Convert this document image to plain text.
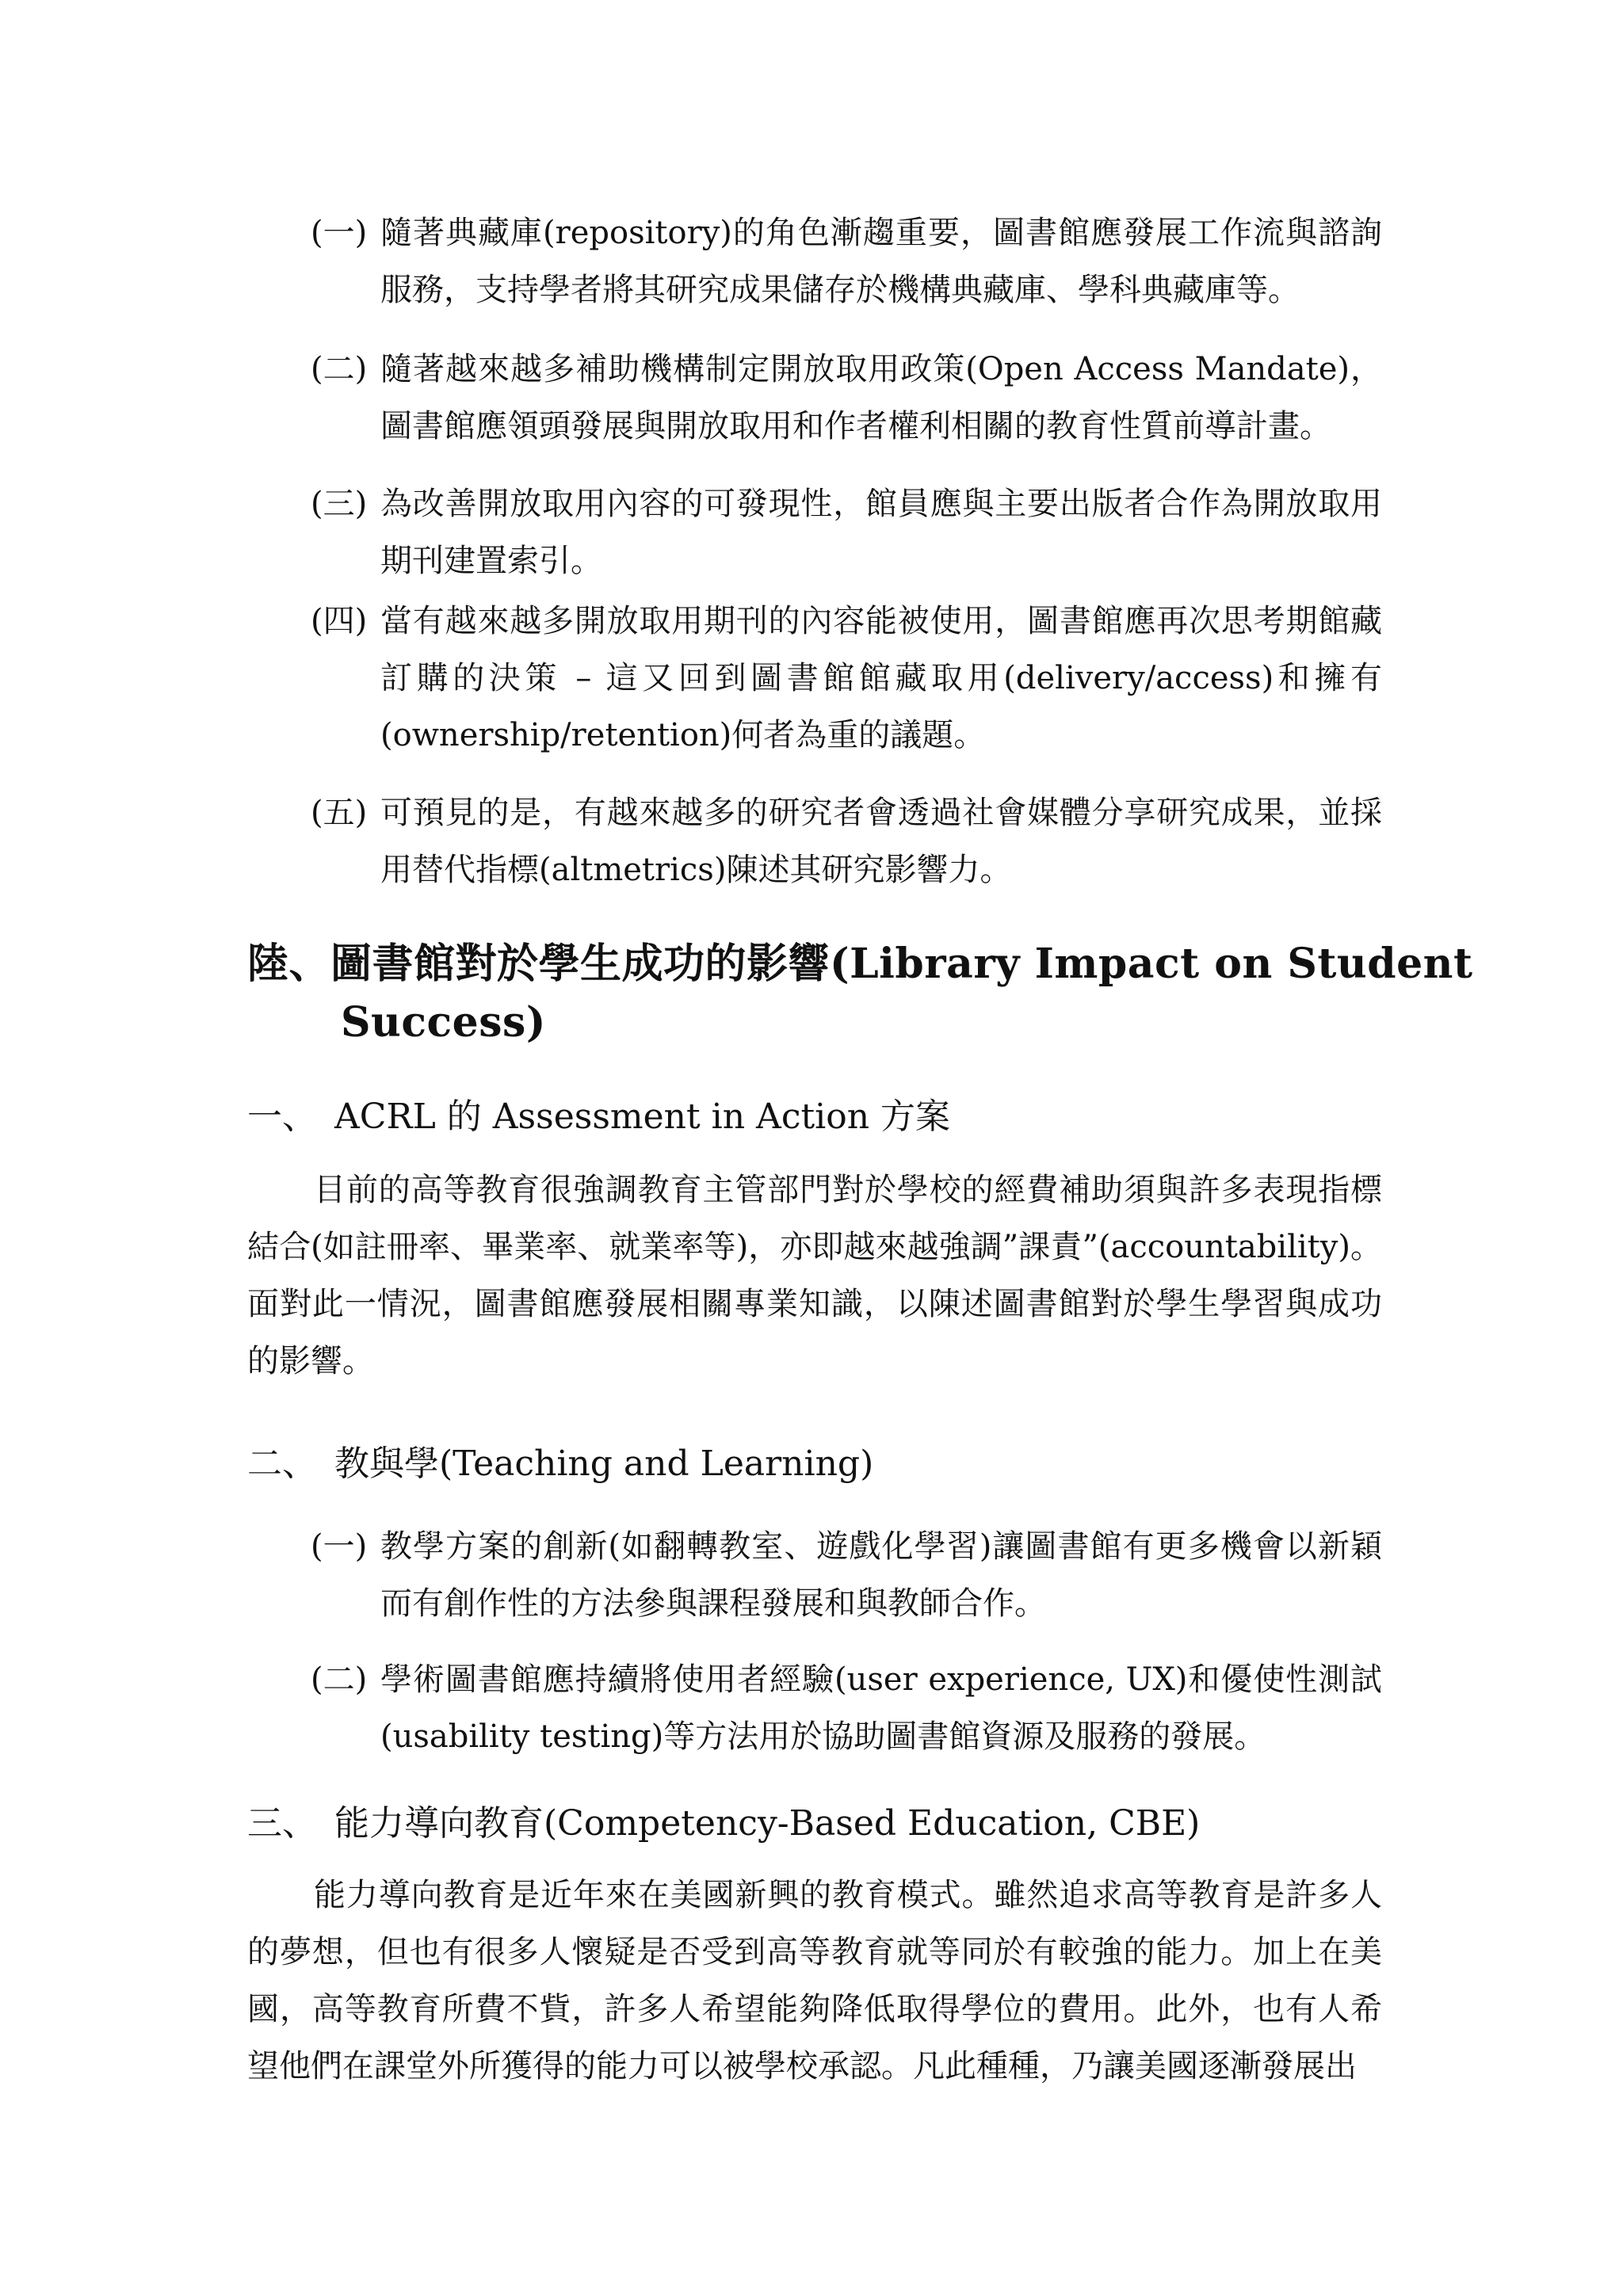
(一) 隨著典藏庫(repository)的角色漸趨重要，圖書館應發展工作流與諮詢服務，支持學者將其研究成果儲存於機構典藏庫、學科典藏庫等。
(二) 隨著越來越多補助機構制定開放取用政策(Open Access Mandate)，圖書館應領頭發展與開放取用和作者權利相關的教育性質前導計畫。
(三) 為改善開放取用內容的可發現性，館員應與主要出版者合作為開放取用期刊建置索引。
(四) 當有越來越多開放取用期刊的內容能被使用，圖書館應再次思考期館藏訂購的決策 – 這又回到圖書館館藏取用(delivery/access)和擁有(ownership/retention)何者為重的議題。
(五) 可預見的是，有越來越多的研究者會透過社會媒體分享研究成果，並採用替代指標(altmetrics)陳述其研究影響力。
陸、圖書館對於學生成功的影響(Library Impact on Student Success)
一、 ACRL 的 Assessment in Action 方案
目前的高等教育很強調教育主管部門對於學校的經費補助須與許多表現指標結合(如註冊率、畢業率、就業率等)，亦即越來越強調”課責”(accountability)。面對此一情況，圖書館應發展相關專業知識，以陳述圖書館對於學生學習與成功的影響。
二、 教與學(Teaching and Learning)
(一) 教學方案的創新(如翻轉教室、遊戲化學習)讓圖書館有更多機會以新穎而有創作性的方法參與課程發展和與教師合作。
(二) 學術圖書館應持續將使用者經驗(user experience, UX)和優使性測試(usability testing)等方法用於協助圖書館資源及服務的發展。
三、 能力導向教育(Competency-Based Education, CBE)
能力導向教育是近年來在美國新興的教育模式。雖然追求高等教育是許多人的夢想，但也有很多人懷疑是否受到高等教育就等同於有較強的能力。加上在美國，高等教育所費不貲，許多人希望能夠降低取得學位的費用。此外，也有人希望他們在課堂外所獲得的能力可以被學校承認。凡此種種，乃讓美國逐漸發展出
